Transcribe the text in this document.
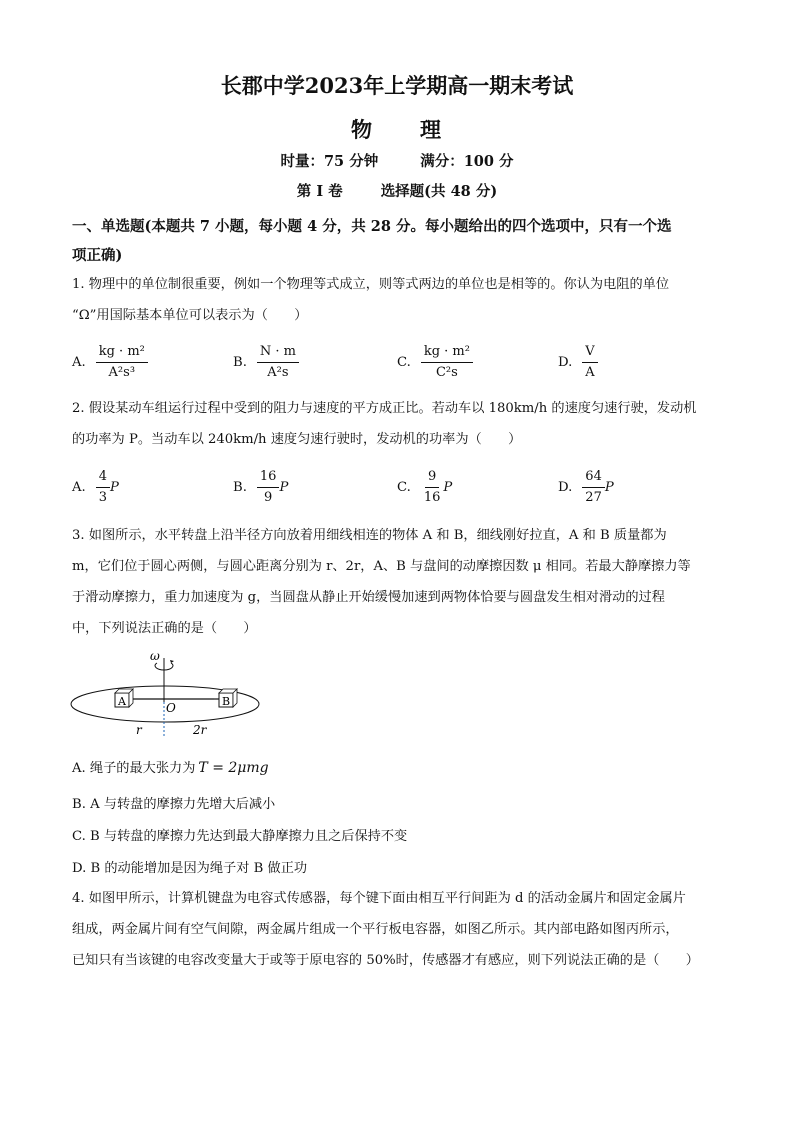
长郡中学2023年上学期高一期末考试
物 理
时量：75 分钟	满分：100 分
第 I 卷	选择题(共 48 分)
一、单选题(本题共 7 小题，每小题 4 分，共 28 分。每小题给出的四个选项中，只有一个选
项正确)
1. 物理中的单位制很重要，例如一个物理等式成立，则等式两边的单位也是相等的。你认为电阻的单位
“Ω”用国际基本单位可以表示为（　　）
A. $\frac{\text{kg · m²}}{\text{A²s³}}$	B. $\frac{N \cdot m}{\text{A²s}}$	C. $\frac{\text{kg · m²}}{\text{C²s}}$	D. $\frac{V}{A}$
2. 假设某动车组运行过程中受到的阻力与速度的平方成正比。若动车以 180km/h 的速度匀速行驶，发动机
的功率为 P。当动车以 240km/h 速度匀速行驶时，发动机的功率为（　　）
A. $\frac{4}{3}$ P	B. $\frac{16}{9}$ P	C. $\frac{9}{16}$ P	D. $\frac{64}{27}$ P
3. 如图所示，水平转盘上沿半径方向放着用细线相连的物体 A 和 B，细线刚好拉直，A 和 B 质量都为
m，它们位于圆心两侧，与圆心距离分别为 r、2r，A、B 与盘间的动摩擦因数 μ 相同。若最大静摩擦力等
于滑动摩擦力，重力加速度为 g，当圆盘从静止开始缓慢加速到两物体恰要与圆盘发生相对滑动的过程
中，下列说法正确的是（　　）
ω
A	B
O
r	2r
A. 绳子的最大张力为 T = 2μmg
B. A 与转盘的摩擦力先增大后减小
C. B 与转盘的摩擦力先达到最大静摩擦力且之后保持不变
D. B 的动能增加是因为绳子对 B 做正功
4. 如图甲所示，计算机键盘为电容式传感器，每个键下面由相互平行间距为 d 的活动金属片和固定金属片
组成，两金属片间有空气间隙，两金属片组成一个平行板电容器，如图乙所示。其内部电路如图丙所示，
已知只有当该键的电容改变量大于或等于原电容的 50%时，传感器才有感应，则下列说法正确的是（　　）
